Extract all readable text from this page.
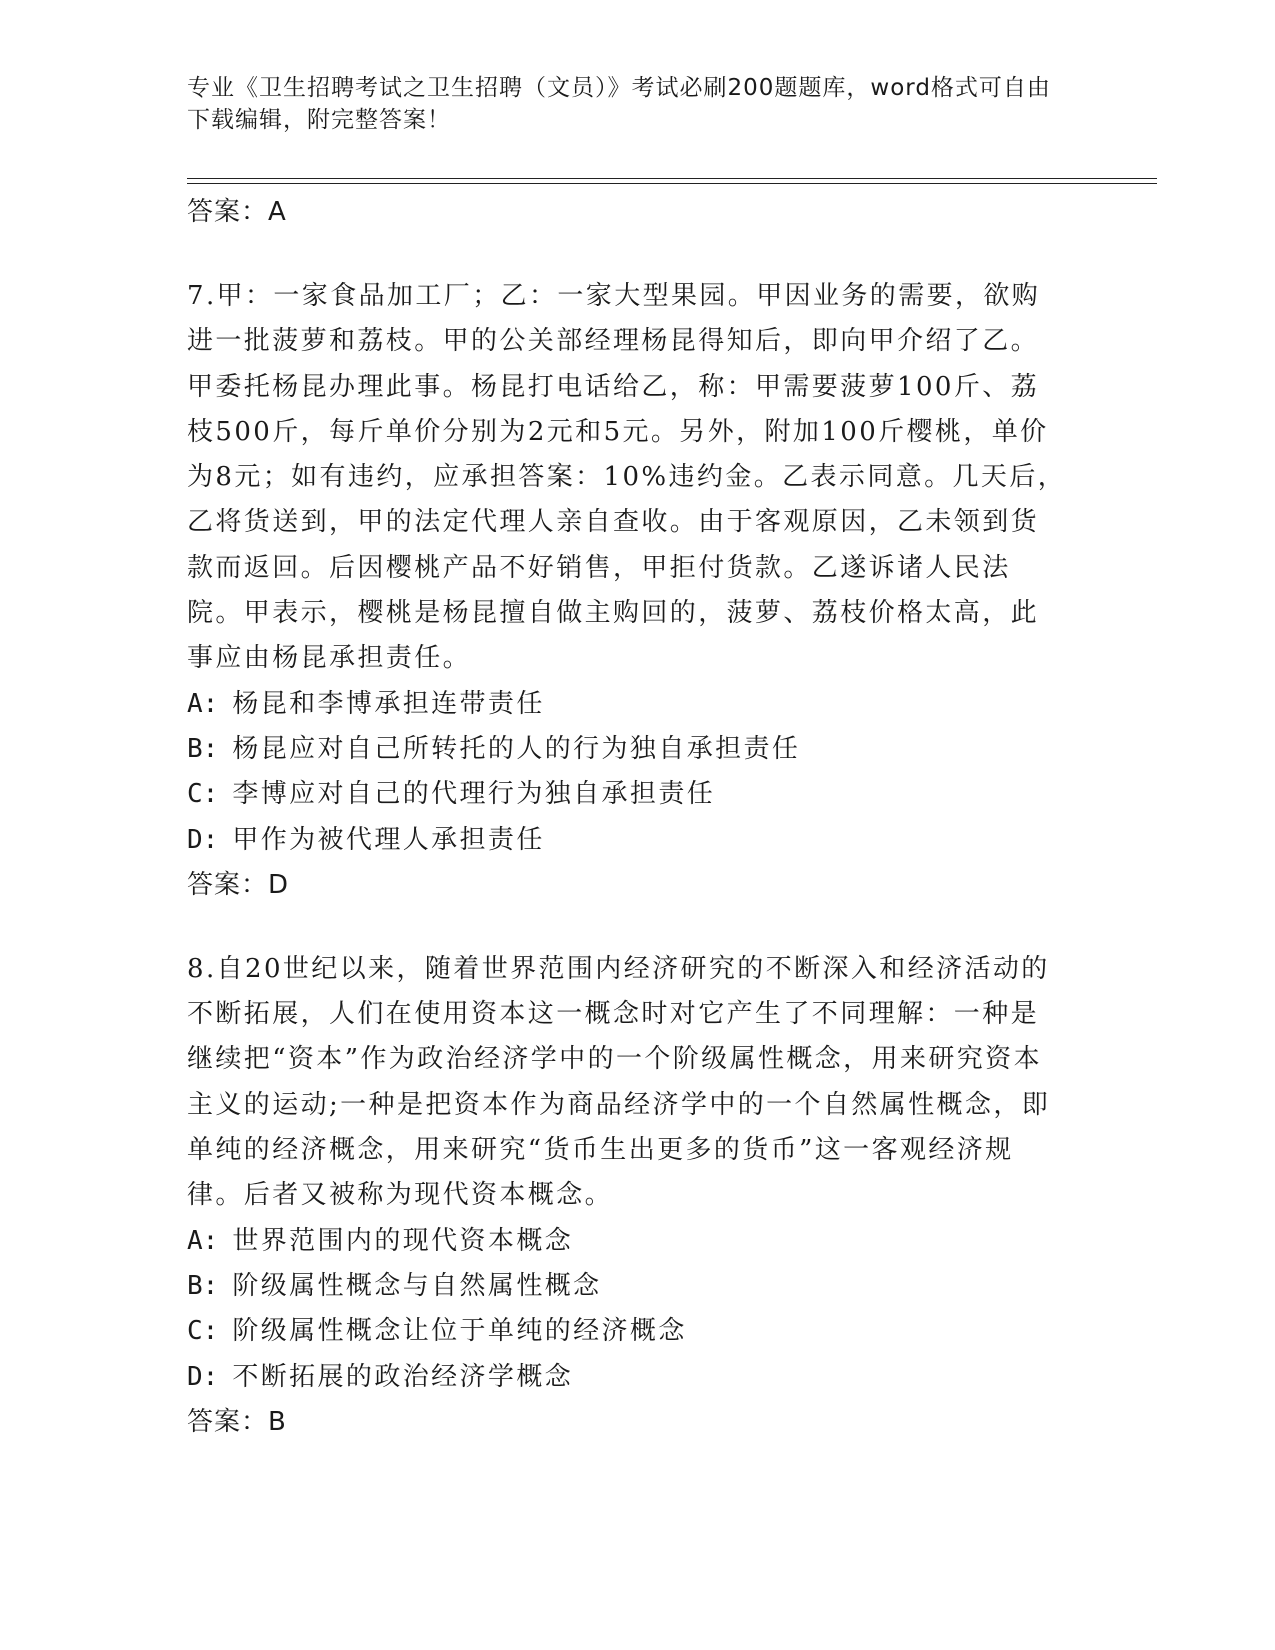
专业《卫生招聘考试之卫生招聘（文员）》考试必刷200题题库，word格式可自由下载编辑，附完整答案！

答案：A

7.甲：一家食品加工厂；乙：一家大型果园。甲因业务的需要，欲购进一批菠萝和荔枝。甲的公关部经理杨昆得知后，即向甲介绍了乙。甲委托杨昆办理此事。杨昆打电话给乙，称：甲需要菠萝100斤、荔枝500斤，每斤单价分别为2元和5元。另外，附加100斤樱桃，单价为8元；如有违约，应承担答案：10%违约金。乙表示同意。几天后，乙将货送到，甲的法定代理人亲自查收。由于客观原因，乙未领到货款而返回。后因樱桃产品不好销售，甲拒付货款。乙遂诉诸人民法院。甲表示，樱桃是杨昆擅自做主购回的，菠萝、荔枝价格太高，此事应由杨昆承担责任。

A: 杨昆和李博承担连带责任

B: 杨昆应对自己所转托的人的行为独自承担责任

C: 李博应对自己的代理行为独自承担责任

D: 甲作为被代理人承担责任

答案：D

8.自20世纪以来，随着世界范围内经济研究的不断深入和经济活动的不断拓展，人们在使用资本这一概念时对它产生了不同理解：一种是继续把“资本”作为政治经济学中的一个阶级属性概念，用来研究资本主义的运动;一种是把资本作为商品经济学中的一个自然属性概念，即单纯的经济概念，用来研究“货币生出更多的货币”这一客观经济规律。后者又被称为现代资本概念。

A: 世界范围内的现代资本概念

B: 阶级属性概念与自然属性概念

C: 阶级属性概念让位于单纯的经济概念

D: 不断拓展的政治经济学概念

答案：B
